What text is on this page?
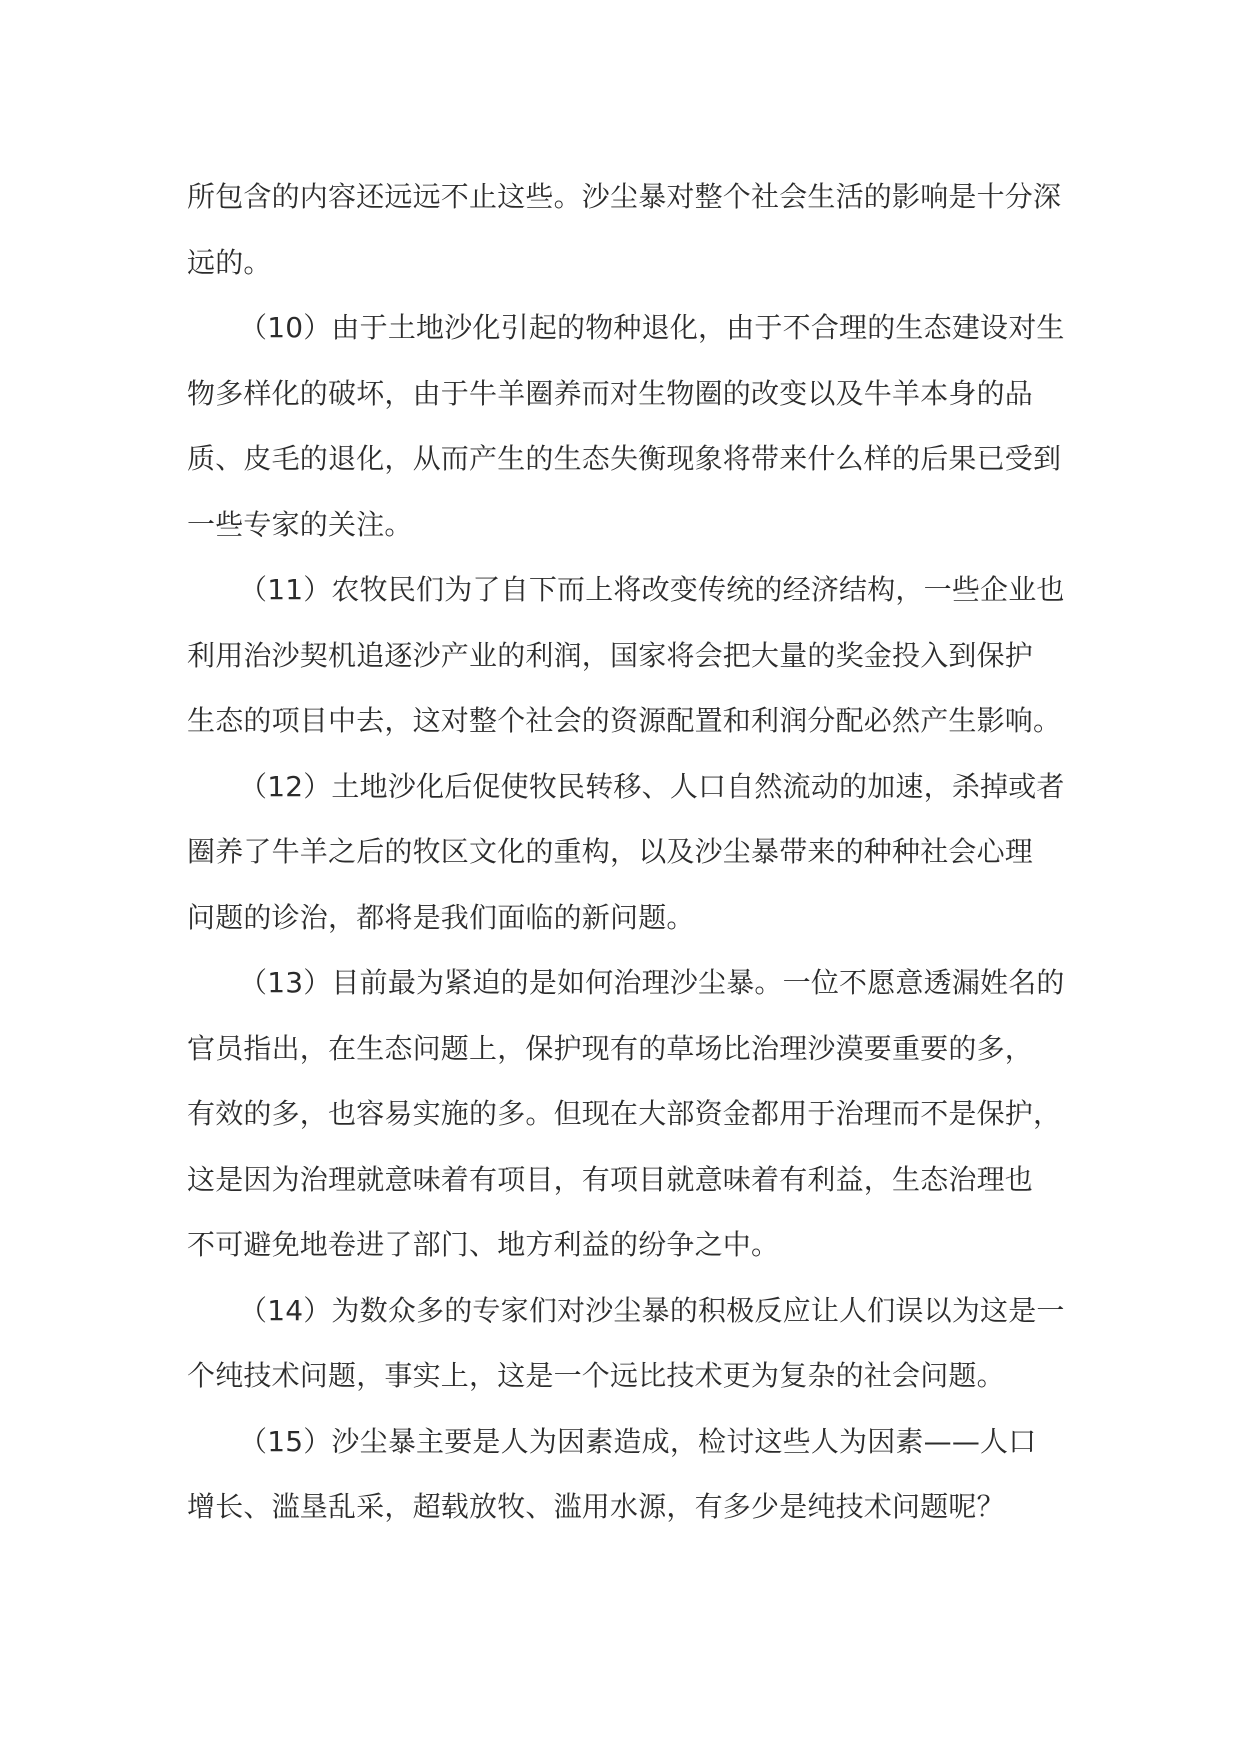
所包含的内容还远远不止这些。沙尘暴对整个社会生活的影响是十分深
远的。

（10）由于土地沙化引起的物种退化，由于不合理的生态建设对生
物多样化的破坏，由于牛羊圈养而对生物圈的改变以及牛羊本身的品
质、皮毛的退化，从而产生的生态失衡现象将带来什么样的后果已受到
一些专家的关注。

（11）农牧民们为了自下而上将改变传统的经济结构，一些企业也
利用治沙契机追逐沙产业的利润，国家将会把大量的奖金投入到保护
生态的项目中去，这对整个社会的资源配置和利润分配必然产生影响。

（12）土地沙化后促使牧民转移、人口自然流动的加速，杀掉或者
圈养了牛羊之后的牧区文化的重构，以及沙尘暴带来的种种社会心理
问题的诊治，都将是我们面临的新问题。

（13）目前最为紧迫的是如何治理沙尘暴。一位不愿意透漏姓名的
官员指出，在生态问题上，保护现有的草场比治理沙漠要重要的多，
有效的多，也容易实施的多。但现在大部资金都用于治理而不是保护，
这是因为治理就意味着有项目，有项目就意味着有利益，生态治理也
不可避免地卷进了部门、地方利益的纷争之中。

（14）为数众多的专家们对沙尘暴的积极反应让人们误以为这是一
个纯技术问题，事实上，这是一个远比技术更为复杂的社会问题。

（15）沙尘暴主要是人为因素造成，检讨这些人为因素——人口
增长、滥垦乱采，超载放牧、滥用水源，有多少是纯技术问题呢？
